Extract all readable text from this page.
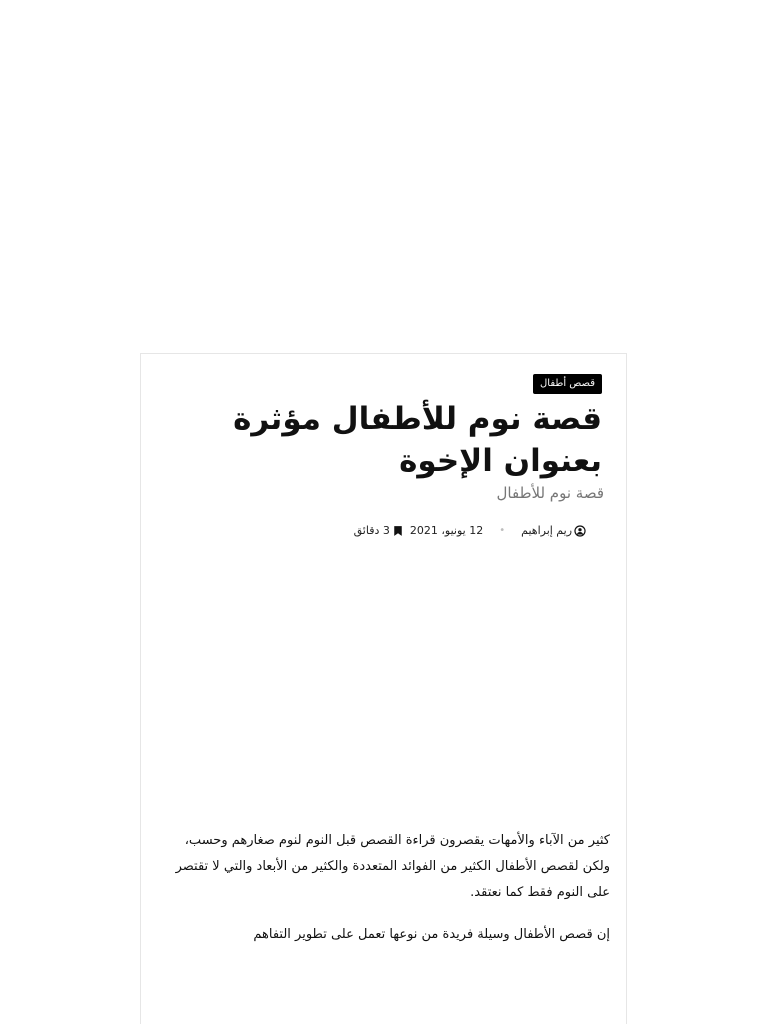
قصص أطفال
قصة نوم للأطفال مؤثرة بعنوان الإخوة

قصة نوم للأطفال

ريم إبراهيم
•
12 يونيو، 2021
3 دقائق

كثير من الآباء والأمهات يقصرون قراءة القصص قبل النوم لنوم صغارهم وحسب، ولكن لقصص الأطفال الكثير من الفوائد المتعددة والكثير من الأبعاد والتي لا تقتصر على النوم فقط كما نعتقد.

إن قصص الأطفال وسيلة فريدة من نوعها تعمل على تطوير التفاهم
